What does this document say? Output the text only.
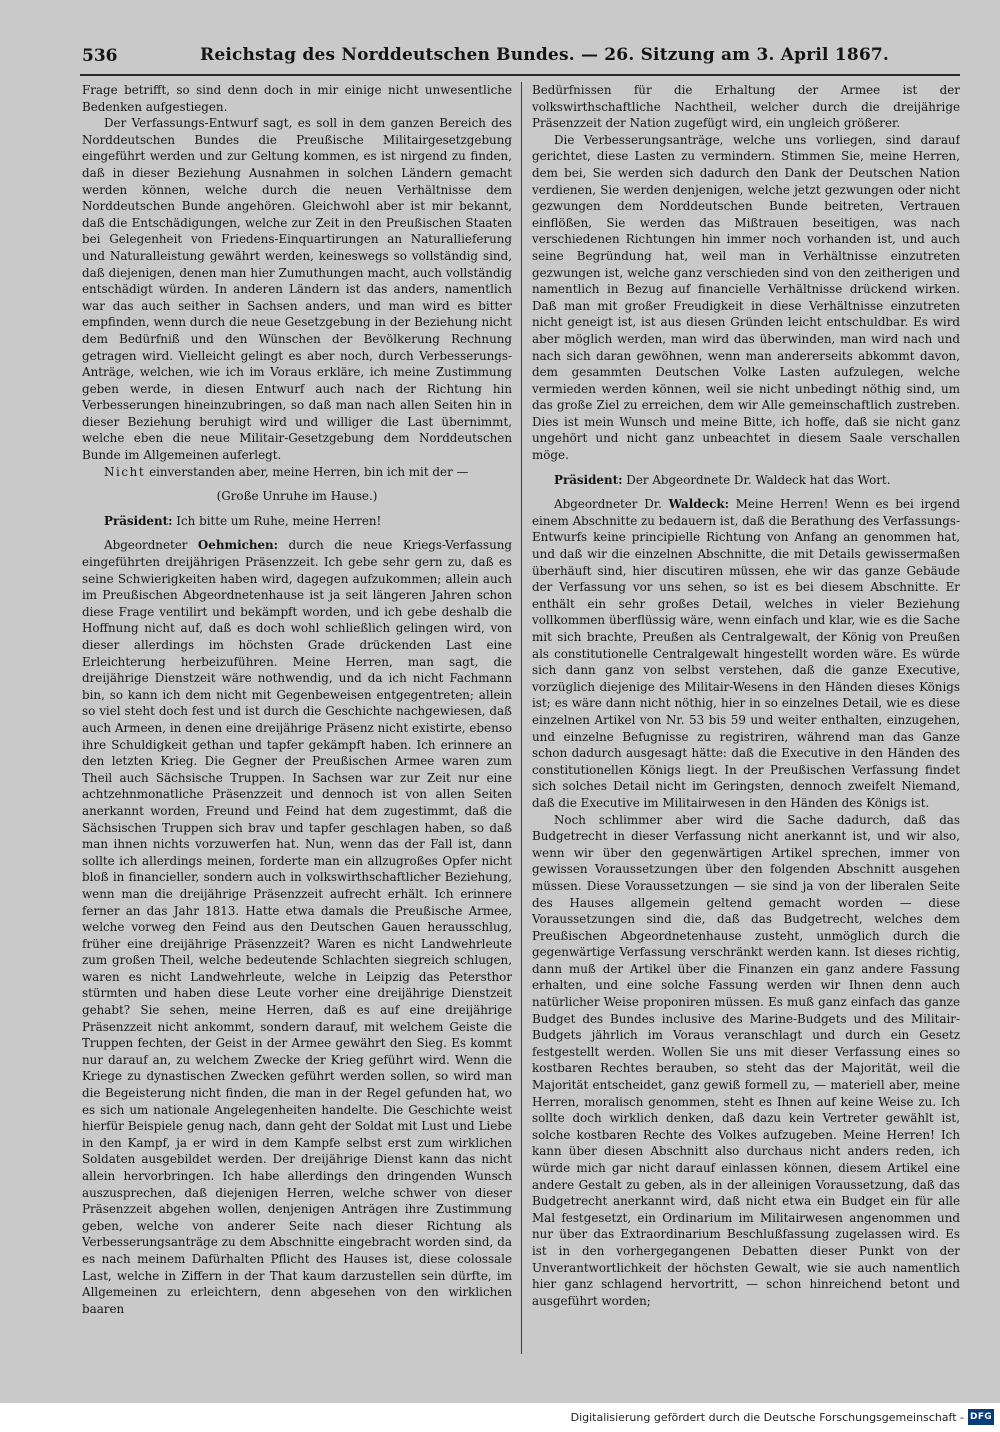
536	Reichstag des Norddeutschen Bundes. — 26. Sitzung am 3. April 1867.

Frage betrifft, so sind denn doch in mir einige nicht unwesentliche Bedenken aufgestiegen.

Der Verfassungs-Entwurf sagt, es soll in dem ganzen Bereich des Norddeutschen Bundes die Preußische Militairgesetzgebung eingeführt werden und zur Geltung kommen, es ist nirgend zu finden, daß in dieser Beziehung Ausnahmen in solchen Ländern gemacht werden können, welche durch die neuen Verhältnisse dem Norddeutschen Bunde angehören. Gleichwohl aber ist mir bekannt, daß die Entschädigungen, welche zur Zeit in den Preußischen Staaten bei Gelegenheit von Friedens-Einquartirungen an Naturallieferung und Naturalleistung gewährt werden, keineswegs so vollständig sind, daß diejenigen, denen man hier Zumuthungen macht, auch vollständig entschädigt würden. In anderen Ländern ist das anders, namentlich war das auch seither in Sachsen anders, und man wird es bitter empfinden, wenn durch die neue Gesetzgebung in der Beziehung nicht dem Bedürfniß und den Wünschen der Bevölkerung Rechnung getragen wird. Vielleicht gelingt es aber noch, durch Verbesserungs-Anträge, welchen, wie ich im Voraus erkläre, ich meine Zustimmung geben werde, in diesen Entwurf auch nach der Richtung hin Verbesserungen hineinzubringen, so daß man nach allen Seiten hin in dieser Beziehung beruhigt wird und williger die Last übernimmt, welche eben die neue Militair-Gesetzgebung dem Norddeutschen Bunde im Allgemeinen auferlegt.

Nicht einverstanden aber, meine Herren, bin ich mit der —

(Große Unruhe im Hause.)

Präsident: Ich bitte um Ruhe, meine Herren!

Abgeordneter Oehmichen: durch die neue Kriegs-Verfassung eingeführten dreijährigen Präsenzzeit. Ich gebe sehr gern zu, daß es seine Schwierigkeiten haben wird, dagegen aufzukommen; allein auch im Preußischen Abgeordnetenhause ist ja seit längeren Jahren schon diese Frage ventilirt und bekämpft worden, und ich gebe deshalb die Hoffnung nicht auf, daß es doch wohl schließlich gelingen wird, von dieser allerdings im höchsten Grade drückenden Last eine Erleichterung herbeizuführen. Meine Herren, man sagt, die dreijährige Dienstzeit wäre nothwendig, und da ich nicht Fachmann bin, so kann ich dem nicht mit Gegenbeweisen entgegentreten; allein so viel steht doch fest und ist durch die Geschichte nachgewiesen, daß auch Armeen, in denen eine dreijährige Präsenz nicht existirte, ebenso ihre Schuldigkeit gethan und tapfer gekämpft haben. Ich erinnere an den letzten Krieg. Die Gegner der Preußischen Armee waren zum Theil auch Sächsische Truppen. In Sachsen war zur Zeit nur eine achtzehnmonatliche Präsenzzeit und dennoch ist von allen Seiten anerkannt worden, Freund und Feind hat dem zugestimmt, daß die Sächsischen Truppen sich brav und tapfer geschlagen haben, so daß man ihnen nichts vorzuwerfen hat. Nun, wenn das der Fall ist, dann sollte ich allerdings meinen, forderte man ein allzugroßes Opfer nicht bloß in financieller, sondern auch in volkswirthschaftlicher Beziehung, wenn man die dreijährige Präsenzzeit aufrecht erhält. Ich erinnere ferner an das Jahr 1813. Hatte etwa damals die Preußische Armee, welche vorweg den Feind aus den Deutschen Gauen herausschlug, früher eine dreijährige Präsenzzeit? Waren es nicht Landwehrleute zum großen Theil, welche bedeutende Schlachten siegreich schlugen, waren es nicht Landwehrleute, welche in Leipzig das Petersthor stürmten und haben diese Leute vorher eine dreijährige Dienstzeit gehabt? Sie sehen, meine Herren, daß es auf eine dreijährige Präsenzzeit nicht ankommt, sondern darauf, mit welchem Geiste die Truppen fechten, der Geist in der Armee gewährt den Sieg. Es kommt nur darauf an, zu welchem Zwecke der Krieg geführt wird. Wenn die Kriege zu dynastischen Zwecken geführt werden sollen, so wird man die Begeisterung nicht finden, die man in der Regel gefunden hat, wo es sich um nationale Angelegenheiten handelte. Die Geschichte weist hierfür Beispiele genug nach, dann geht der Soldat mit Lust und Liebe in den Kampf, ja er wird in dem Kampfe selbst erst zum wirklichen Soldaten ausgebildet werden. Der dreijährige Dienst kann das nicht allein hervorbringen. Ich habe allerdings den dringenden Wunsch auszusprechen, daß diejenigen Herren, welche schwer von dieser Präsenzzeit abgehen wollen, denjenigen Anträgen ihre Zustimmung geben, welche von anderer Seite nach dieser Richtung als Verbesserungsanträge zu dem Abschnitte eingebracht worden sind, da es nach meinem Dafürhalten Pflicht des Hauses ist, diese colossale Last, welche in Ziffern in der That kaum darzustellen sein dürfte, im Allgemeinen zu erleichtern, denn abgesehen von den wirklichen baaren

Bedürfnissen für die Erhaltung der Armee ist der volkswirthschaftliche Nachtheil, welcher durch die dreijährige Präsenzzeit der Nation zugefügt wird, ein ungleich größerer.

Die Verbesserungsanträge, welche uns vorliegen, sind darauf gerichtet, diese Lasten zu vermindern. Stimmen Sie, meine Herren, dem bei, Sie werden sich dadurch den Dank der Deutschen Nation verdienen, Sie werden denjenigen, welche jetzt gezwungen oder nicht gezwungen dem Norddeutschen Bunde beitreten, Vertrauen einflößen, Sie werden das Mißtrauen beseitigen, was nach verschiedenen Richtungen hin immer noch vorhanden ist, und auch seine Begründung hat, weil man in Verhältnisse einzutreten gezwungen ist, welche ganz verschieden sind von den zeitherigen und namentlich in Bezug auf financielle Verhältnisse drückend wirken. Daß man mit großer Freudigkeit in diese Verhältnisse einzutreten nicht geneigt ist, ist aus diesen Gründen leicht entschuldbar. Es wird aber möglich werden, man wird das überwinden, man wird nach und nach sich daran gewöhnen, wenn man andererseits abkommt davon, dem gesammten Deutschen Volke Lasten aufzulegen, welche vermieden werden können, weil sie nicht unbedingt nöthig sind, um das große Ziel zu erreichen, dem wir Alle gemeinschaftlich zustreben. Dies ist mein Wunsch und meine Bitte, ich hoffe, daß sie nicht ganz ungehört und nicht ganz unbeachtet in diesem Saale verschallen möge.

Präsident: Der Abgeordnete Dr. Waldeck hat das Wort.

Abgeordneter Dr. Waldeck: Meine Herren! Wenn es bei irgend einem Abschnitte zu bedauern ist, daß die Berathung des Verfassungs-Entwurfs keine principielle Richtung von Anfang an genommen hat, und daß wir die einzelnen Abschnitte, die mit Details gewissermaßen überhäuft sind, hier discutiren müssen, ehe wir das ganze Gebäude der Verfassung vor uns sehen, so ist es bei diesem Abschnitte. Er enthält ein sehr großes Detail, welches in vieler Beziehung vollkommen überflüssig wäre, wenn einfach und klar, wie es die Sache mit sich brachte, Preußen als Centralgewalt, der König von Preußen als constitutionelle Centralgewalt hingestellt worden wäre. Es würde sich dann ganz von selbst verstehen, daß die ganze Executive, vorzüglich diejenige des Militair-Wesens in den Händen dieses Königs ist; es wäre dann nicht nöthig, hier in so einzelnes Detail, wie es diese einzelnen Artikel von Nr. 53 bis 59 und weiter enthalten, einzugehen, und einzelne Befugnisse zu registriren, während man das Ganze schon dadurch ausgesagt hätte: daß die Executive in den Händen des constitutionellen Königs liegt. In der Preußischen Verfassung findet sich solches Detail nicht im Geringsten, dennoch zweifelt Niemand, daß die Executive im Militairwesen in den Händen des Königs ist.

Noch schlimmer aber wird die Sache dadurch, daß das Budgetrecht in dieser Verfassung nicht anerkannt ist, und wir also, wenn wir über den gegenwärtigen Artikel sprechen, immer von gewissen Voraussetzungen über den folgenden Abschnitt ausgehen müssen. Diese Voraussetzungen — sie sind ja von der liberalen Seite des Hauses allgemein geltend gemacht worden — diese Voraussetzungen sind die, daß das Budgetrecht, welches dem Preußischen Abgeordnetenhause zusteht, unmöglich durch die gegenwärtige Verfassung verschränkt werden kann. Ist dieses richtig, dann muß der Artikel über die Finanzen ein ganz andere Fassung erhalten, und eine solche Fassung werden wir Ihnen denn auch natürlicher Weise proponiren müssen. Es muß ganz einfach das ganze Budget des Bundes inclusive des Marine-Budgets und des Militair-Budgets jährlich im Voraus veranschlagt und durch ein Gesetz festgestellt werden. Wollen Sie uns mit dieser Verfassung eines so kostbaren Rechtes berauben, so steht das der Majorität, weil die Majorität entscheidet, ganz gewiß formell zu, — materiell aber, meine Herren, moralisch genommen, steht es Ihnen auf keine Weise zu. Ich sollte doch wirklich denken, daß dazu kein Vertreter gewählt ist, solche kostbaren Rechte des Volkes aufzugeben. Meine Herren! Ich kann über diesen Abschnitt also durchaus nicht anders reden, ich würde mich gar nicht darauf einlassen können, diesem Artikel eine andere Gestalt zu geben, als in der alleinigen Voraussetzung, daß das Budgetrecht anerkannt wird, daß nicht etwa ein Budget ein für alle Mal festgesetzt, ein Ordinarium im Militairwesen angenommen und nur über das Extraordinarium Beschlußfassung zugelassen wird. Es ist in den vorhergegangenen Debatten dieser Punkt von der Unverantwortlichkeit der höchsten Gewalt, wie sie auch namentlich hier ganz schlagend hervortritt, — schon hinreichend betont und ausgeführt worden;

Digitalisierung gefördert durch die Deutsche Forschungsgemeinschaft - DFG
